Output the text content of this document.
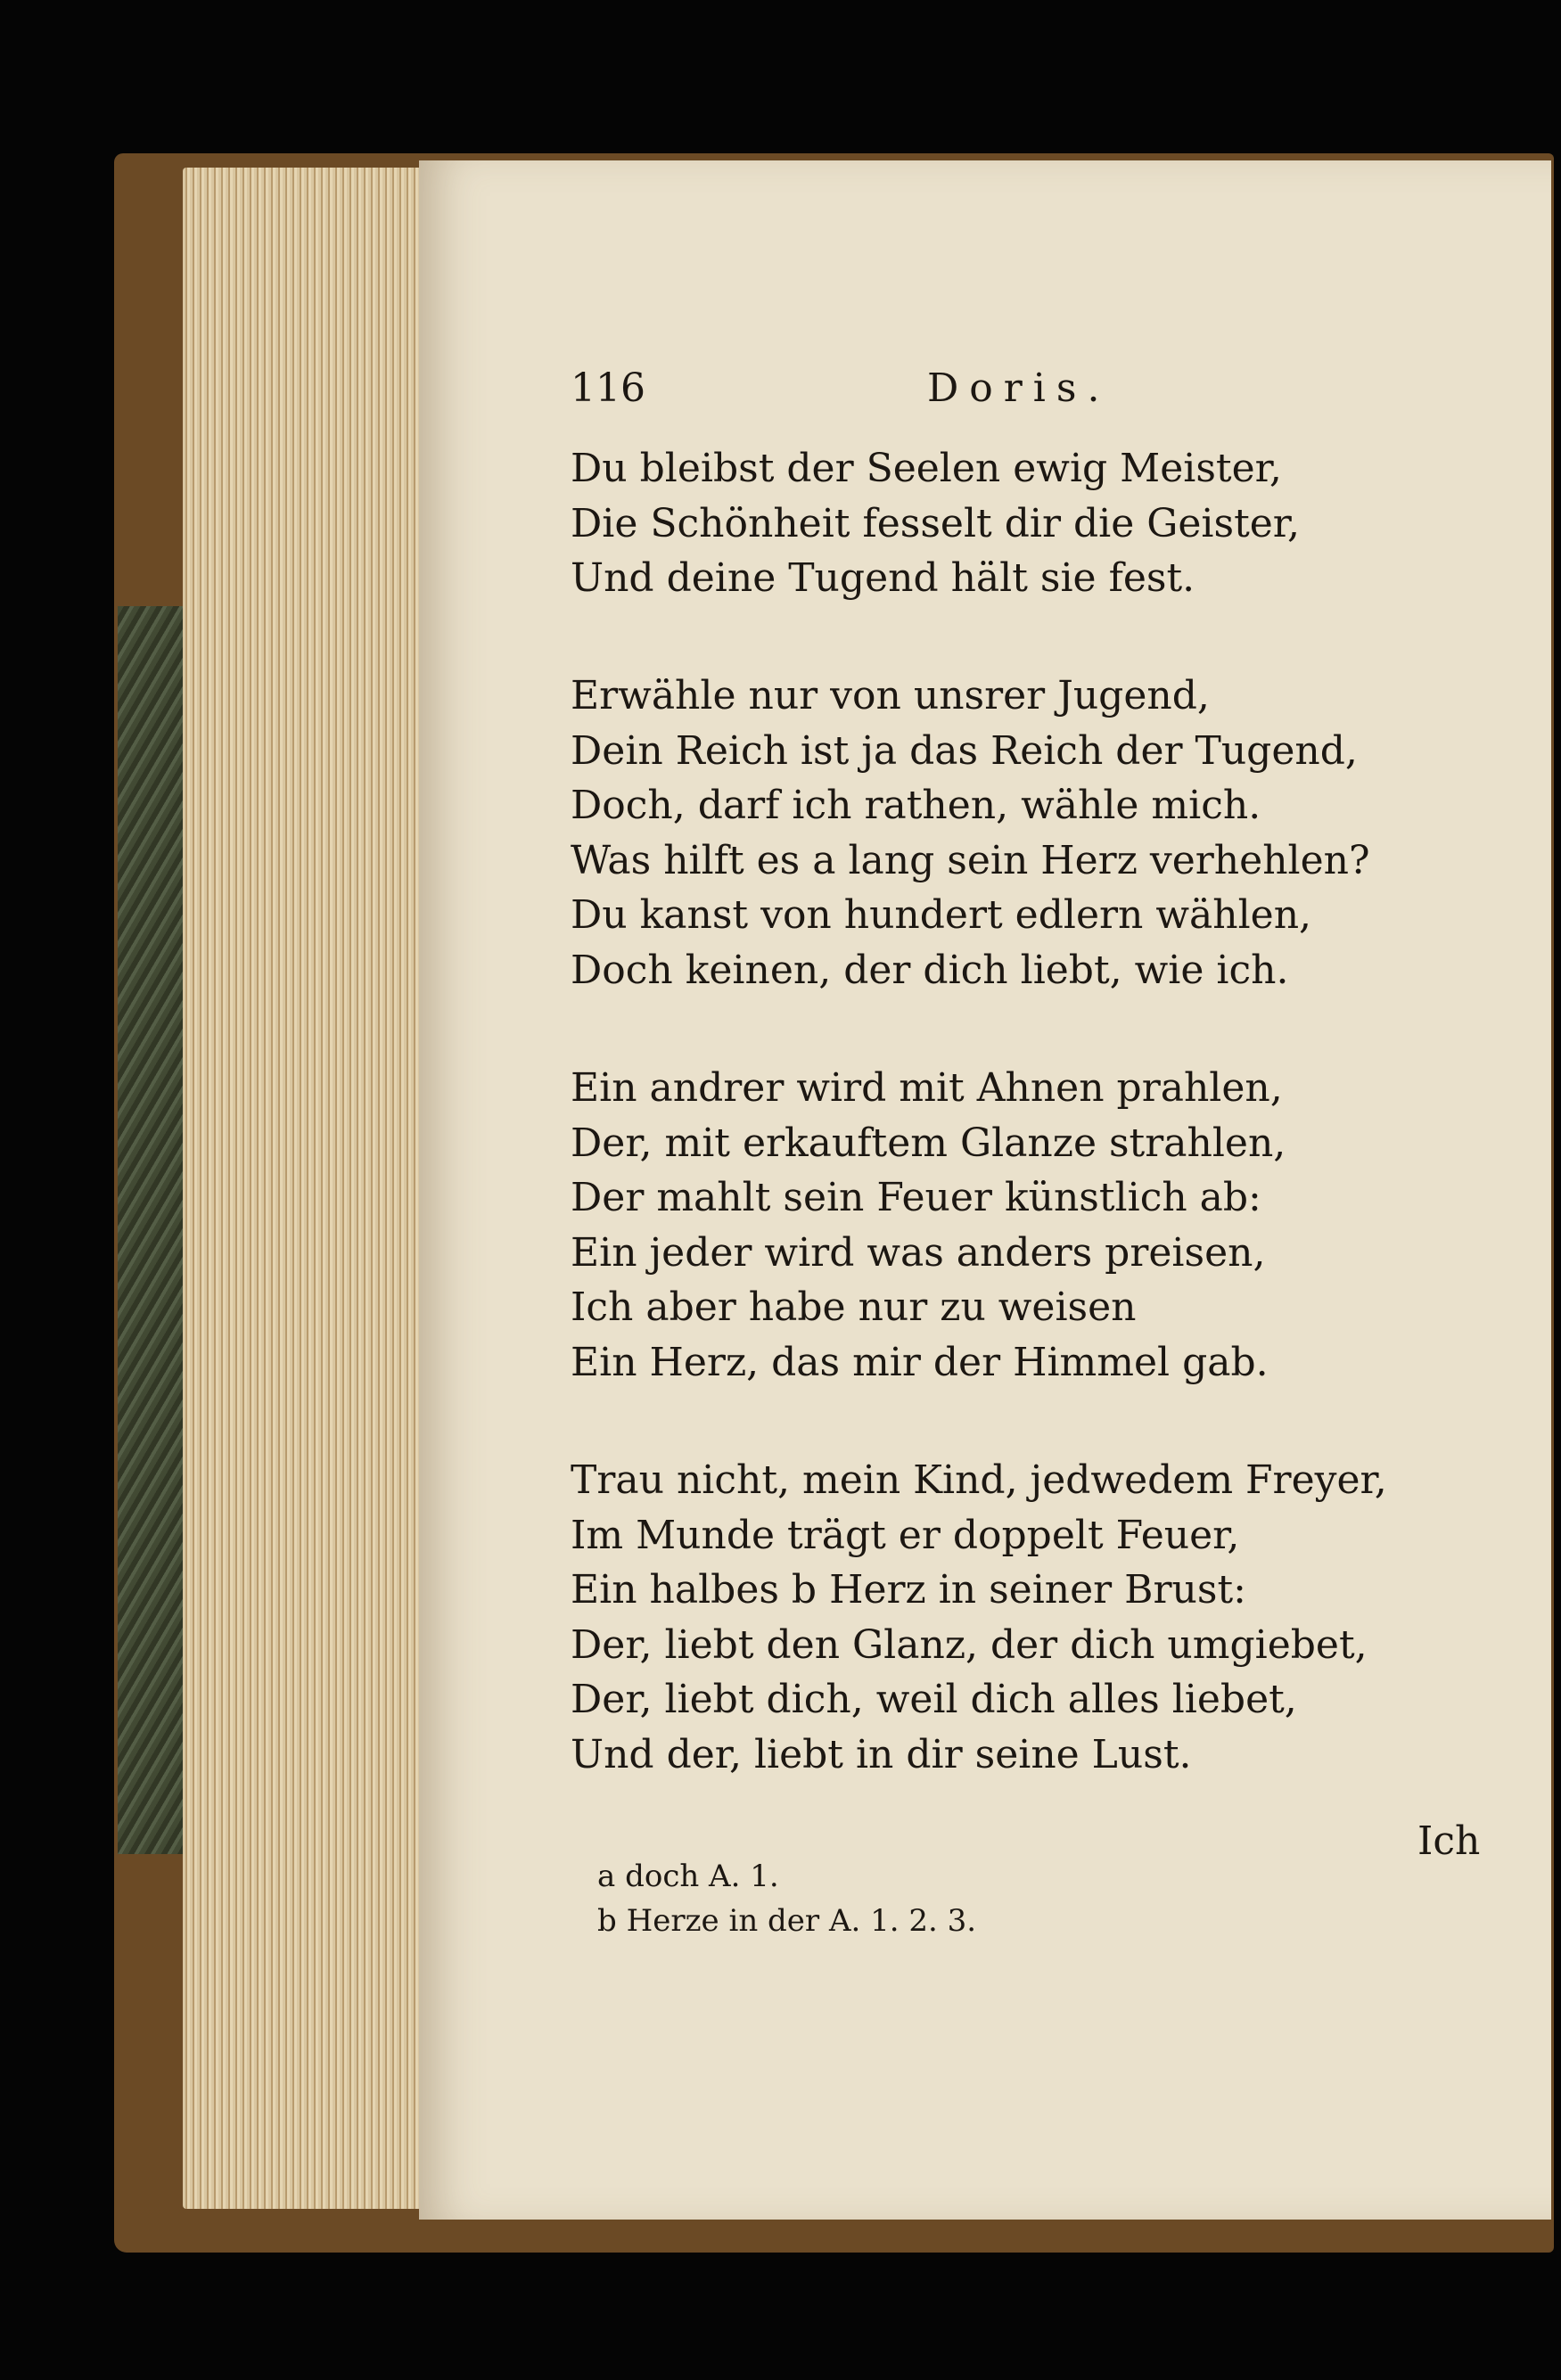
116	Doris.
Du bleibst der Seelen ewig Meister,
Die Schönheit fesselt dir die Geister,
Und deine Tugend hält sie fest.
Erwähle nur von unsrer Jugend,
Dein Reich ist ja das Reich der Tugend,
Doch, darf ich rathen, wähle mich.
Was hilft es a lang sein Herz verhehlen?
Du kanst von hundert edlern wählen,
Doch keinen, der dich liebt, wie ich.
Ein andrer wird mit Ahnen prahlen,
Der, mit erkauftem Glanze strahlen,
Der mahlt sein Feuer künstlich ab:
Ein jeder wird was anders preisen,
Ich aber habe nur zu weisen
Ein Herz, das mir der Himmel gab.
Trau nicht, mein Kind, jedwedem Freyer,
Im Munde trägt er doppelt Feuer,
Ein halbes b Herz in seiner Brust:
Der, liebt den Glanz, der dich umgiebet,
Der, liebt dich, weil dich alles liebet,
Und der, liebt in dir seine Lust.
Ich
a doch A. 1.
b Herze in der A. 1. 2. 3.
